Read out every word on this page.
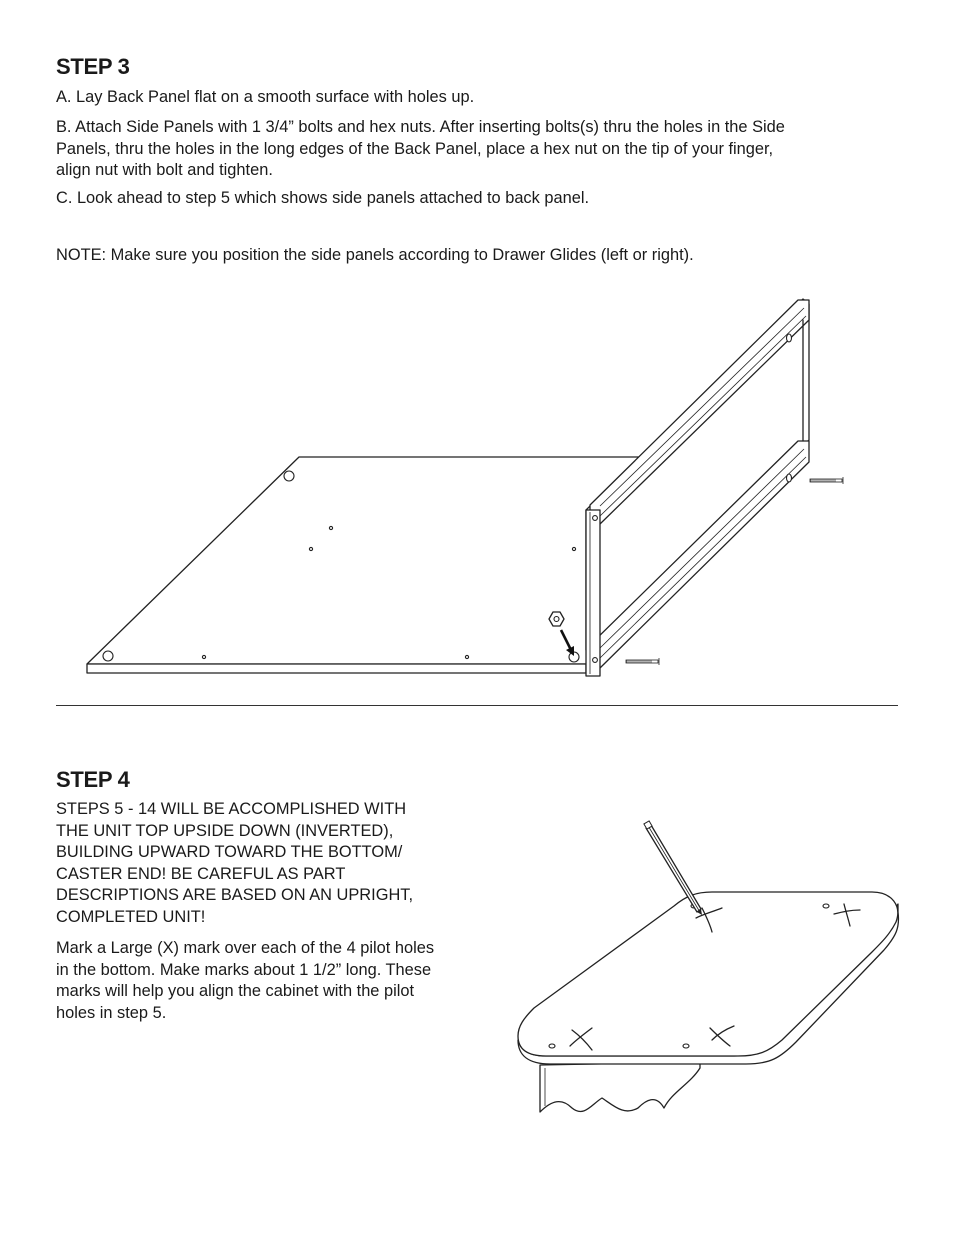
STEP 3

A. Lay Back Panel flat on a smooth surface with holes up.

B. Attach Side Panels with 1 3/4” bolts and hex nuts. After inserting bolts(s) thru the holes in the Side
Panels, thru the holes in the long edges of the Back Panel, place a hex nut on the tip of your finger,
align nut with bolt and tighten.

C. Look ahead to step 5 which shows side panels attached to back panel.

NOTE: Make sure you position the side panels according to Drawer Glides (left or right).

STEP 4

STEPS 5 - 14 WILL BE ACCOMPLISHED WITH
THE UNIT TOP UPSIDE DOWN (INVERTED),
BUILDING UPWARD TOWARD THE BOTTOM/
CASTER END! BE CAREFUL AS PART
DESCRIPTIONS ARE BASED ON AN UPRIGHT,
COMPLETED UNIT!

Mark a Large (X) mark over each of the 4 pilot holes
in the bottom. Make marks about 1 1/2” long. These
marks will help you align the cabinet with the pilot
holes in step 5.
